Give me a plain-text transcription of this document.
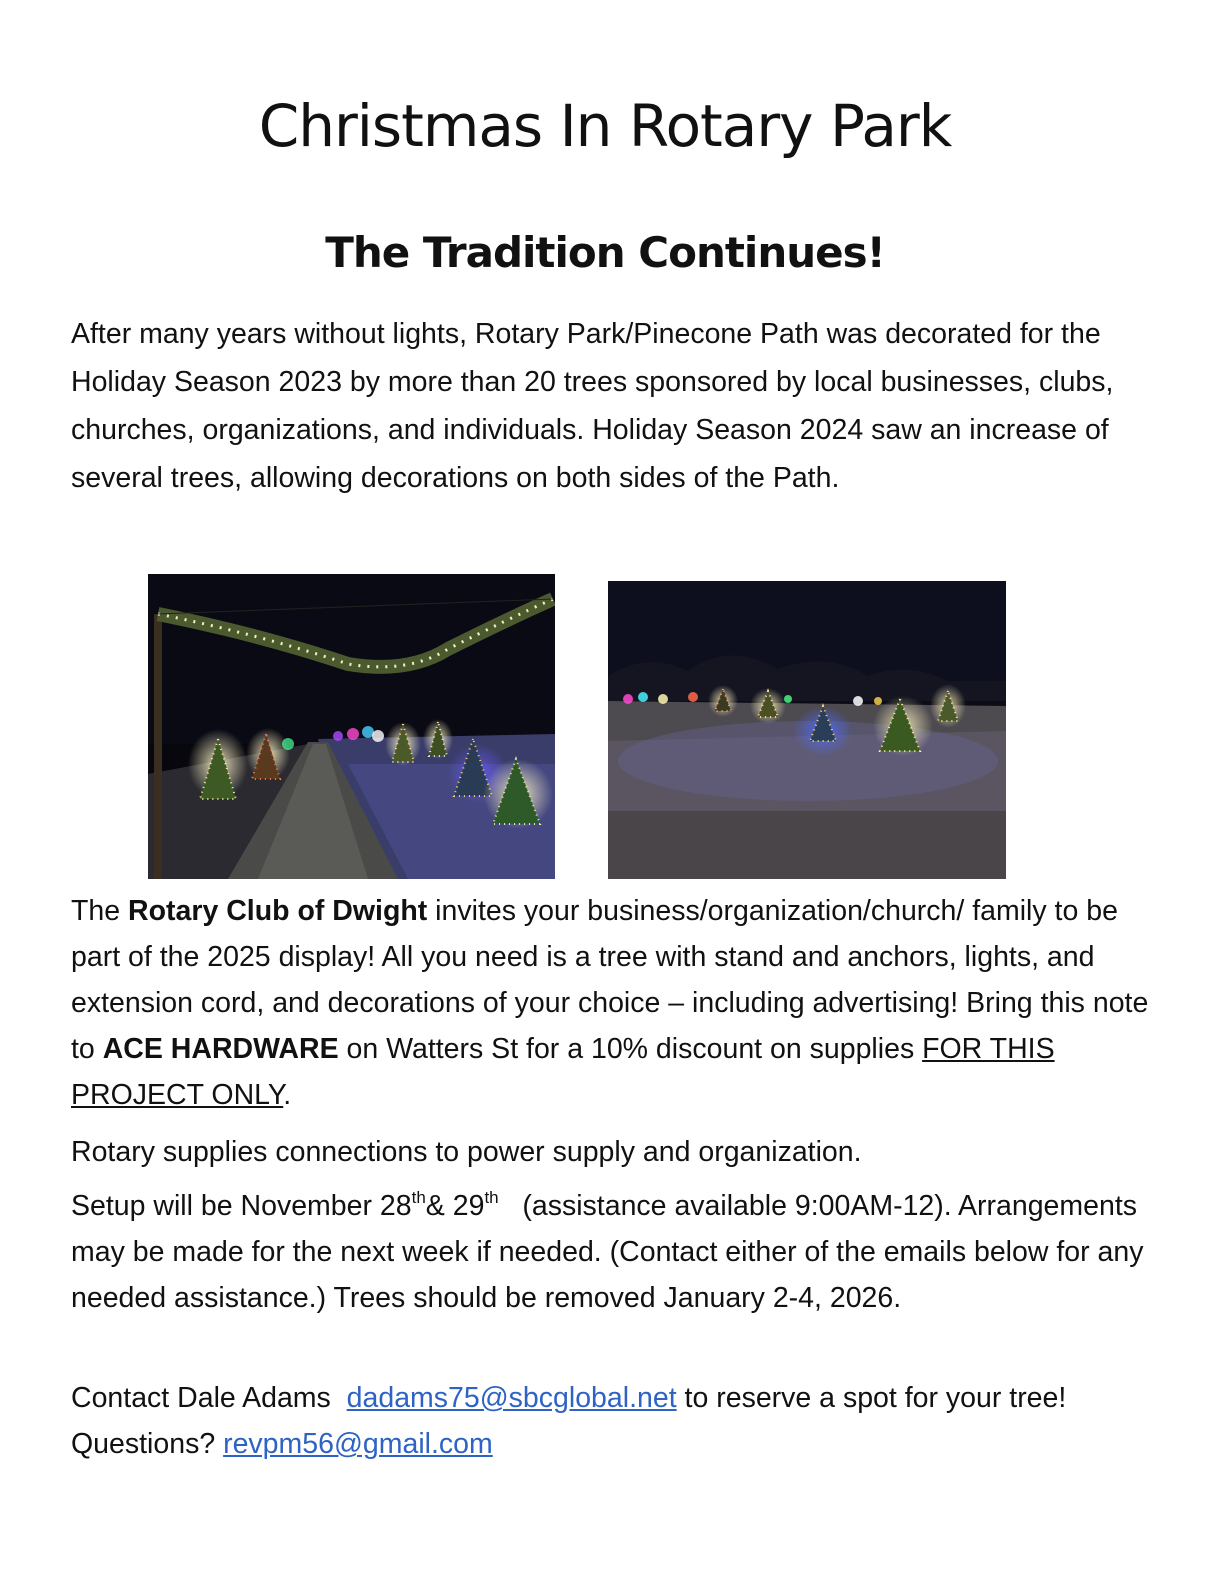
Christmas In Rotary Park
The Tradition Continues!

After many years without lights, Rotary Park/Pinecone Path was decorated for the Holiday Season 2023 by more than 20 trees sponsored by local businesses, clubs, churches, organizations, and individuals. Holiday Season 2024 saw an increase of several trees, allowing decorations on both sides of the Path.

The Rotary Club of Dwight invites your business/organization/church/ family to be part of the 2025 display! All you need is a tree with stand and anchors, lights, and extension cord, and decorations of your choice – including advertising! Bring this note to ACE HARDWARE on Watters St for a 10% discount on supplies FOR THIS PROJECT ONLY.

Rotary supplies connections to power supply and organization.

Setup will be November 28th& 29th   (assistance available 9:00AM-12). Arrangements may be made for the next week if needed. (Contact either of the emails below for any needed assistance.) Trees should be removed January 2-4, 2026.

Contact Dale Adams  dadams75@sbcglobal.net to reserve a spot for your tree!  Questions? revpm56@gmail.com
